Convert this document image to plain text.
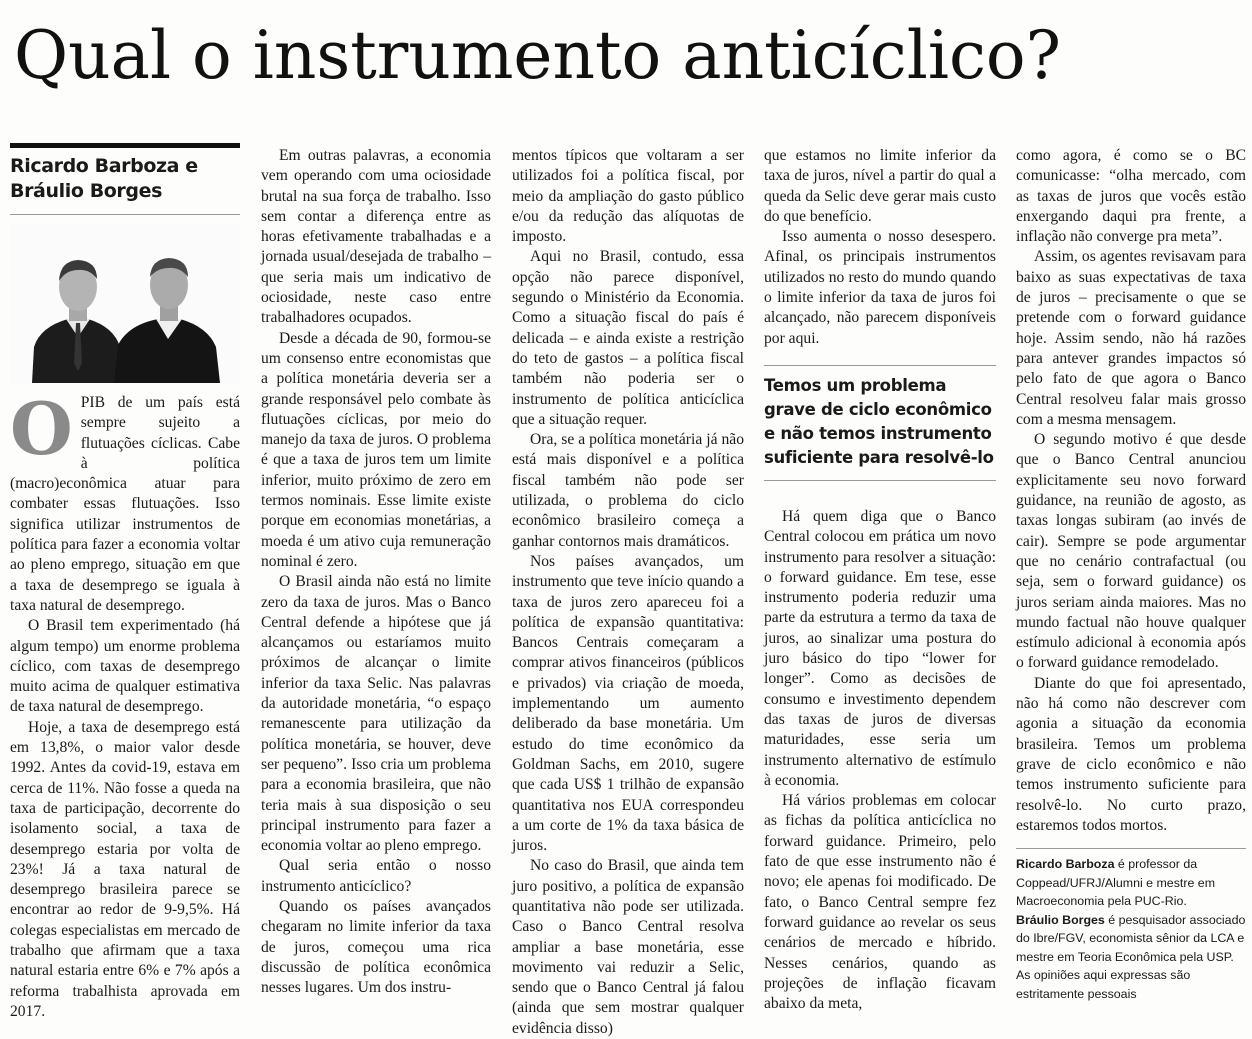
Qual o instrumento anticíclico?
Ricardo Barboza e
Bráulio Borges

OPIB de um país está sempre sujeito a flutuações cíclicas. Cabe à política (macro)econômica atuar para combater essas flutuações. Isso significa utilizar instrumentos de política para fazer a economia voltar ao pleno emprego, situação em que a taxa de desemprego se iguala à taxa natural de desemprego.

O Brasil tem experimentado (há algum tempo) um enorme problema cíclico, com taxas de desemprego muito acima de qualquer estimativa de taxa natural de desemprego.

Hoje, a taxa de desemprego está em 13,8%, o maior valor desde 1992. Antes da covid-19, estava em cerca de 11%. Não fosse a queda na taxa de participação, decorrente do isolamento social, a taxa de desemprego estaria por volta de 23%! Já a taxa natural de desemprego brasileira parece se encontrar ao redor de 9-9,5%. Há colegas especialistas em mercado de trabalho que afirmam que a taxa natural estaria entre 6% e 7% após a reforma trabalhista aprovada em 2017.

Em outras palavras, a economia vem operando com uma ociosidade brutal na sua força de trabalho. Isso sem contar a diferença entre as horas efetivamente trabalhadas e a jornada usual/desejada de trabalho – que seria mais um indicativo de ociosidade, neste caso entre trabalhadores ocupados.

Desde a década de 90, formou-se um consenso entre economistas que a política monetária deveria ser a grande responsável pelo combate às flutuações cíclicas, por meio do manejo da taxa de juros. O problema é que a taxa de juros tem um limite inferior, muito próximo de zero em termos nominais. Esse limite existe porque em economias monetárias, a moeda é um ativo cuja remuneração nominal é zero.

O Brasil ainda não está no limite zero da taxa de juros. Mas o Banco Central defende a hipótese que já alcançamos ou estaríamos muito próximos de alcançar o limite inferior da taxa Selic. Nas palavras da autoridade monetária, “o espaço remanescente para utilização da política monetária, se houver, deve ser pequeno”. Isso cria um problema para a economia brasileira, que não teria mais à sua disposição o seu principal instrumento para fazer a economia voltar ao pleno emprego.

Qual seria então o nosso instrumento anticíclico?

Quando os países avançados chegaram no limite inferior da taxa de juros, começou uma rica discussão de política econômica nesses lugares. Um dos instru-

mentos típicos que voltaram a ser utilizados foi a política fiscal, por meio da ampliação do gasto público e/ou da redução das alíquotas de imposto.

Aqui no Brasil, contudo, essa opção não parece disponível, segundo o Ministério da Economia. Como a situação fiscal do país é delicada – e ainda existe a restrição do teto de gastos – a política fiscal também não poderia ser o instrumento de política anticíclica que a situação requer.

Ora, se a política monetária já não está mais disponível e a política fiscal também não pode ser utilizada, o problema do ciclo econômico brasileiro começa a ganhar contornos mais dramáticos.

Nos países avançados, um instrumento que teve início quando a taxa de juros zero apareceu foi a política de expansão quantitativa: Bancos Centrais começaram a comprar ativos financeiros (públicos e privados) via criação de moeda, implementando um aumento deliberado da base monetária. Um estudo do time econômico da Goldman Sachs, em 2010, sugere que cada US$ 1 trilhão de expansão quantitativa nos EUA correspondeu a um corte de 1% da taxa básica de juros.

No caso do Brasil, que ainda tem juro positivo, a política de expansão quantitativa não pode ser utilizada. Caso o Banco Central resolva ampliar a base monetária, esse movimento vai reduzir a Selic, sendo que o Banco Central já falou (ainda que sem mostrar qualquer evidência disso)

que estamos no limite inferior da taxa de juros, nível a partir do qual a queda da Selic deve gerar mais custo do que benefício.

Isso aumenta o nosso desespero. Afinal, os principais instrumentos utilizados no resto do mundo quando o limite inferior da taxa de juros foi alcançado, não parecem disponíveis por aqui.

Temos um problema grave de ciclo econômico e não temos instrumento suficiente para resolvê-lo

Há quem diga que o Banco Central colocou em prática um novo instrumento para resolver a situação: o forward guidance. Em tese, esse instrumento poderia reduzir uma parte da estrutura a termo da taxa de juros, ao sinalizar uma postura do juro básico do tipo “lower for longer”. Como as decisões de consumo e investimento dependem das taxas de juros de diversas maturidades, esse seria um instrumento alternativo de estímulo à economia.

Há vários problemas em colocar as fichas da política anticíclica no forward guidance. Primeiro, pelo fato de que esse instrumento não é novo; ele apenas foi modificado. De fato, o Banco Central sempre fez forward guidance ao revelar os seus cenários de mercado e híbrido. Nesses cenários, quando as projeções de inflação ficavam abaixo da meta,

como agora, é como se o BC comunicasse: “olha mercado, com as taxas de juros que vocês estão enxergando daqui pra frente, a inflação não converge pra meta”.

Assim, os agentes revisavam para baixo as suas expectativas de taxa de juros – precisamente o que se pretende com o forward guidance hoje. Assim sendo, não há razões para antever grandes impactos só pelo fato de que agora o Banco Central resolveu falar mais grosso com a mesma mensagem.

O segundo motivo é que desde que o Banco Central anunciou explicitamente seu novo forward guidance, na reunião de agosto, as taxas longas subiram (ao invés de cair). Sempre se pode argumentar que no cenário contrafactual (ou seja, sem o forward guidance) os juros seriam ainda maiores. Mas no mundo factual não houve qualquer estímulo adicional à economia após o forward guidance remodelado.

Diante do que foi apresentado, não há como não descrever com agonia a situação da economia brasileira. Temos um problema grave de ciclo econômico e não temos instrumento suficiente para resolvê-lo. No curto prazo, estaremos todos mortos.

Ricardo Barboza é professor da Coppead/UFRJ/Alumni e mestre em Macroeconomia pela PUC-Rio.

Bráulio Borges é pesquisador associado do Ibre/FGV, economista sênior da LCA e mestre em Teoria Econômica pela USP.

As opiniões aqui expressas são estritamente pessoais
